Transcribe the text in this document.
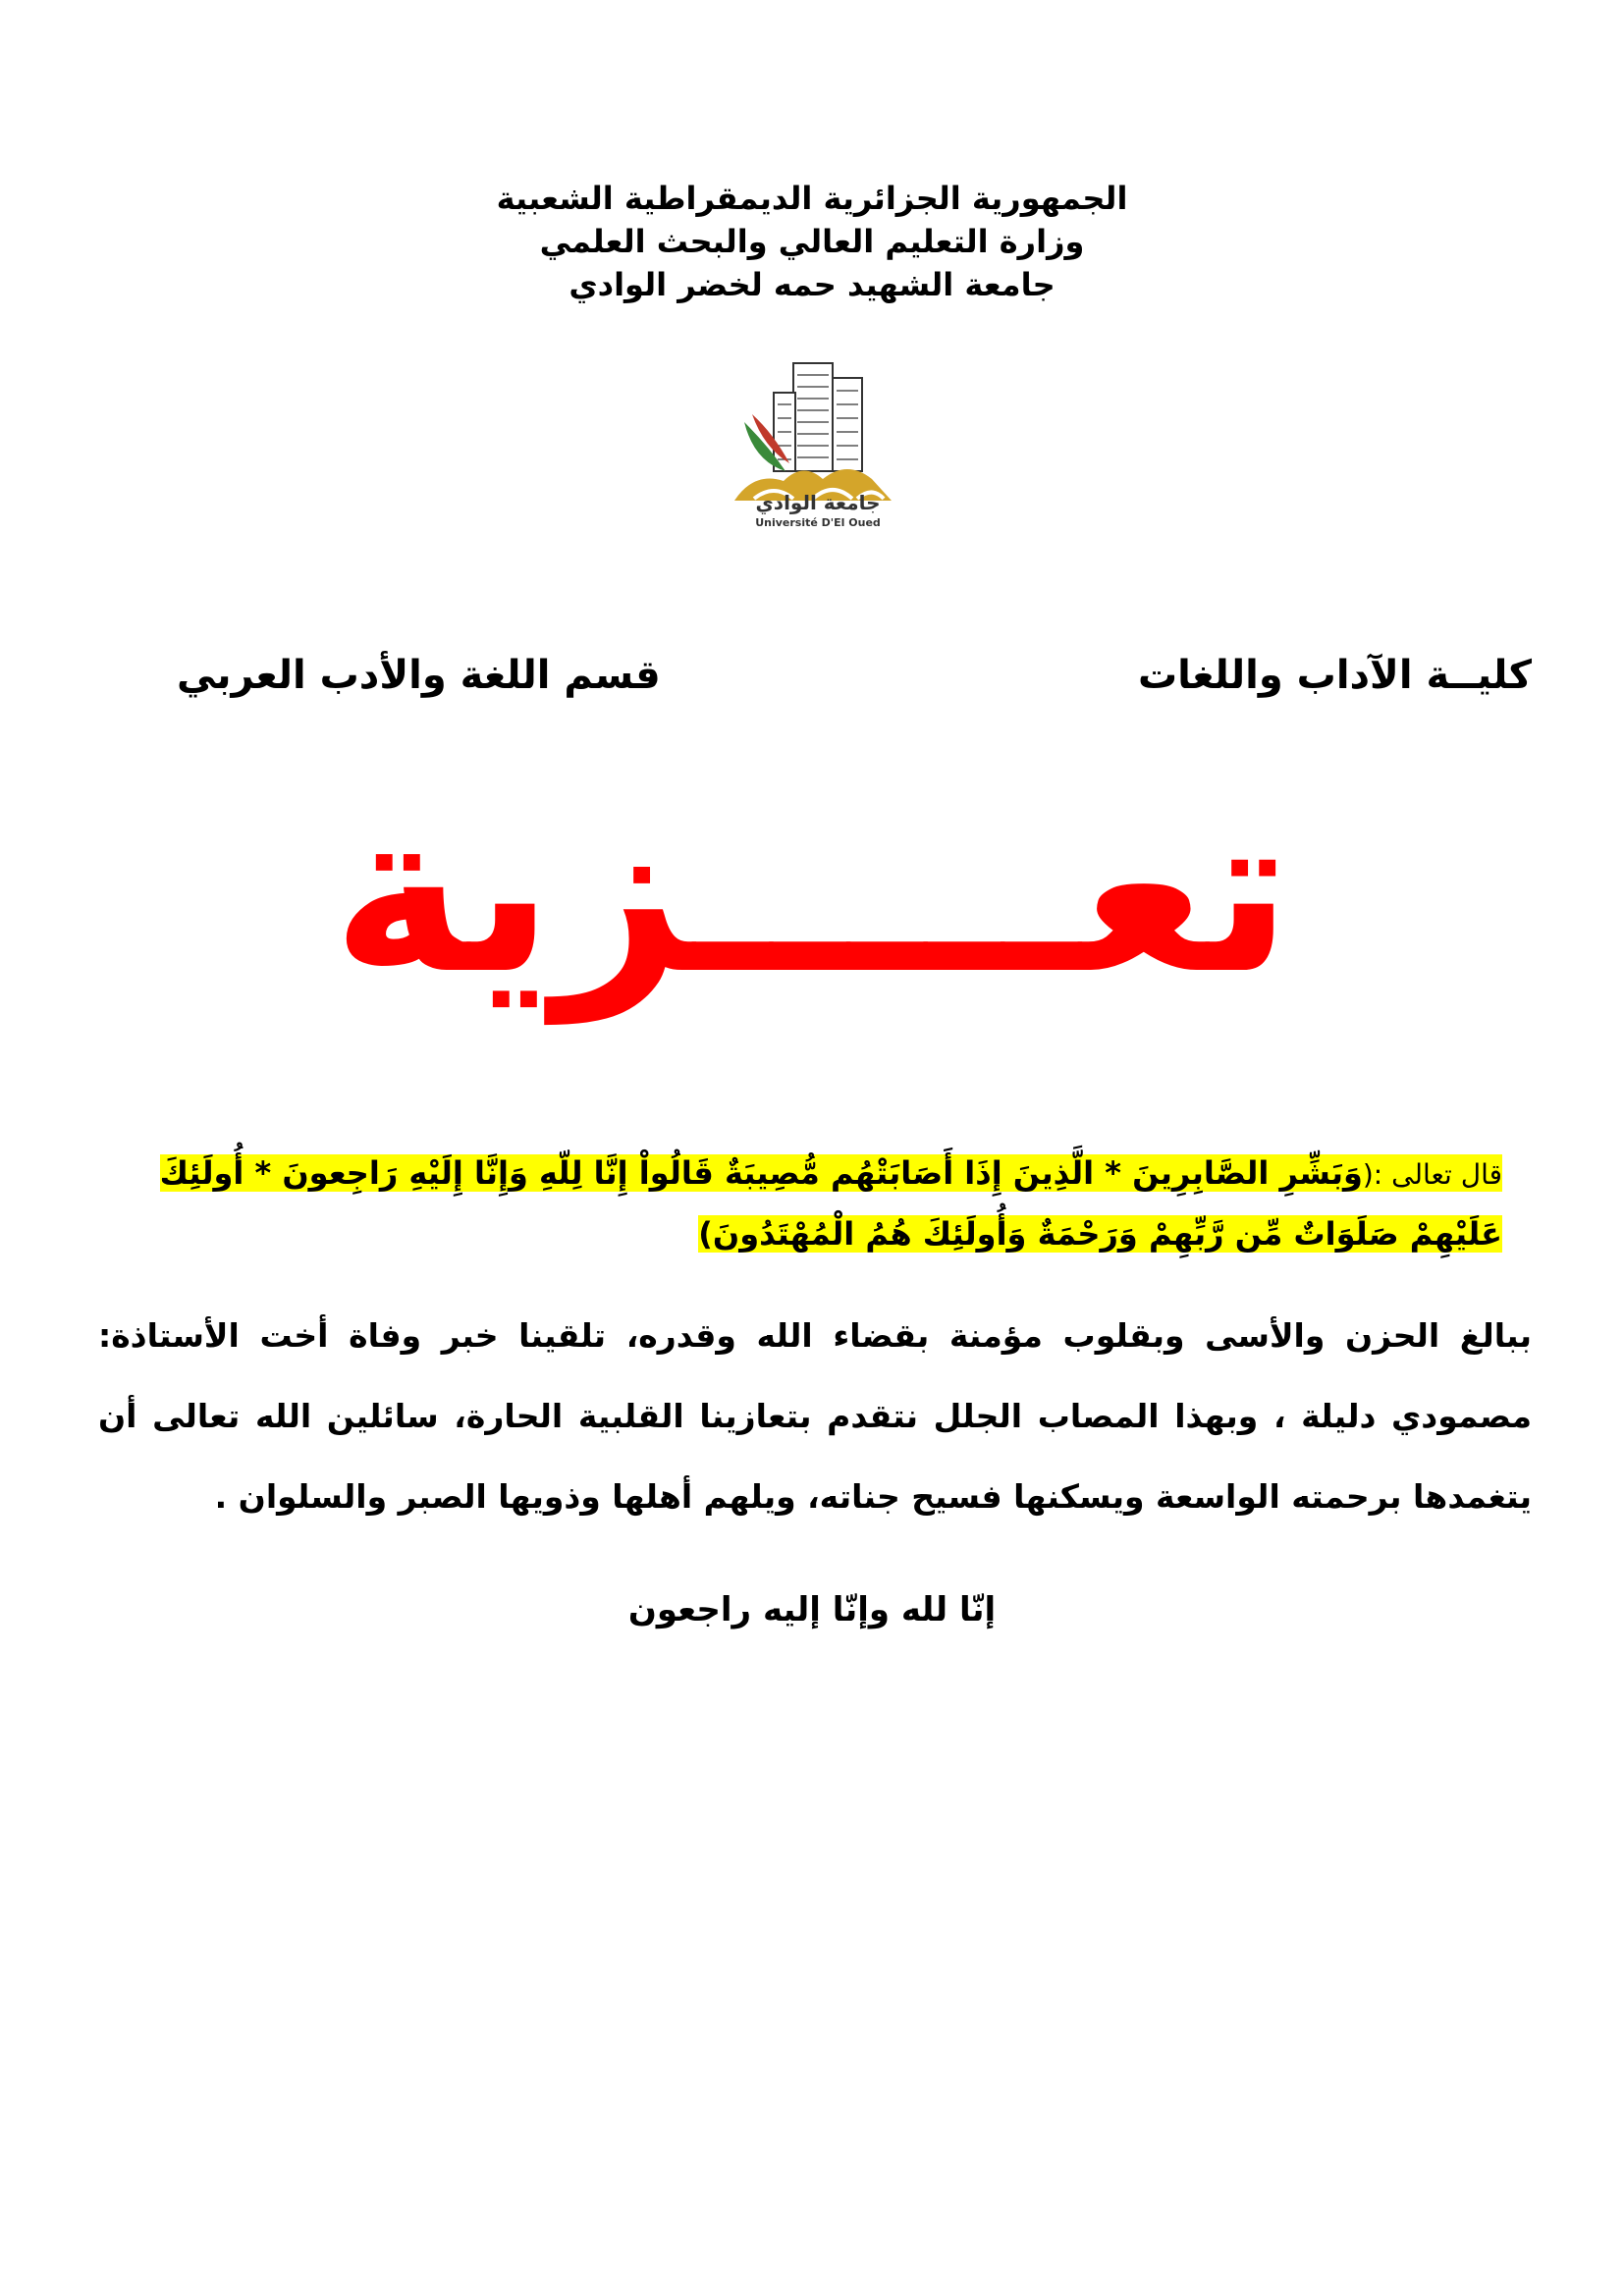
الجمهورية الجزائرية الديمقراطية الشعبية
وزارة التعليم العالي والبحث العلمي
جامعة الشهيد حمه لخضر الوادي
جامعة الوادي
Université D'El Oued
كليــة الآداب واللغات
قسم اللغة والأدب العربي
تعـــــزية
قال تعالى :(وَبَشِّرِ الصَّابِرِينَ * الَّذِينَ إِذَا أَصَابَتْهُم مُّصِيبَةٌ قَالُواْ إِنَّا لِلّهِ وَإِنَّا إِلَيْهِ رَاجِعونَ * أُولَئِكَ عَلَيْهِمْ صَلَوَاتٌ مِّن رَّبِّهِمْ وَرَحْمَةٌ وَأُولَئِكَ هُمُ الْمُهْتَدُونَ)
ببالغ الحزن والأسى وبقلوب مؤمنة بقضاء الله وقدره، تلقينا خبر وفاة أخت الأستاذة: مصمودي دليلة ، وبهذا المصاب الجلل نتقدم بتعازينا القلبية الحارة، سائلين الله تعالى أن يتغمدها برحمته الواسعة ويسكنها فسيح جناته، ويلهم أهلها وذويها الصبر والسلوان .
إنّا لله وإنّا إليه راجعون
